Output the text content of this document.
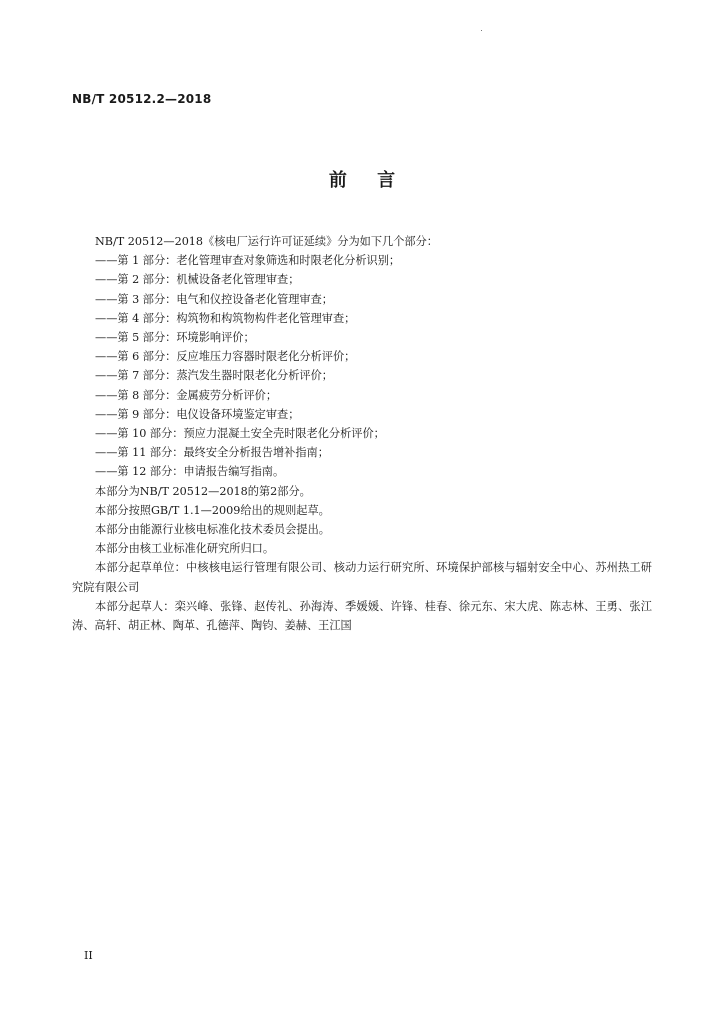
NB/T 20512.2—2018
前 言
NB/T 20512—2018《核电厂运行许可证延续》分为如下几个部分：
——第 1 部分：老化管理审查对象筛选和时限老化分析识别；
——第 2 部分：机械设备老化管理审查；
——第 3 部分：电气和仪控设备老化管理审查；
——第 4 部分：构筑物和构筑物构件老化管理审查；
——第 5 部分：环境影响评价；
——第 6 部分：反应堆压力容器时限老化分析评价；
——第 7 部分：蒸汽发生器时限老化分析评价；
——第 8 部分：金属疲劳分析评价；
——第 9 部分：电仪设备环境鉴定审查；
——第 10 部分：预应力混凝土安全壳时限老化分析评价；
——第 11 部分：最终安全分析报告增补指南；
——第 12 部分：申请报告编写指南。
本部分为NB/T 20512—2018的第2部分。
本部分按照GB/T 1.1—2009给出的规则起草。
本部分由能源行业核电标准化技术委员会提出。
本部分由核工业标准化研究所归口。
本部分起草单位：中核核电运行管理有限公司、核动力运行研究所、环境保护部核与辐射安全中心、苏州热工研究院有限公司
本部分起草人：栾兴峰、张锋、赵传礼、孙海涛、季媛媛、许锋、桂春、徐元东、宋大虎、陈志林、王勇、张江涛、高轩、胡正林、陶革、孔德萍、陶钧、姜赫、王江国
II
